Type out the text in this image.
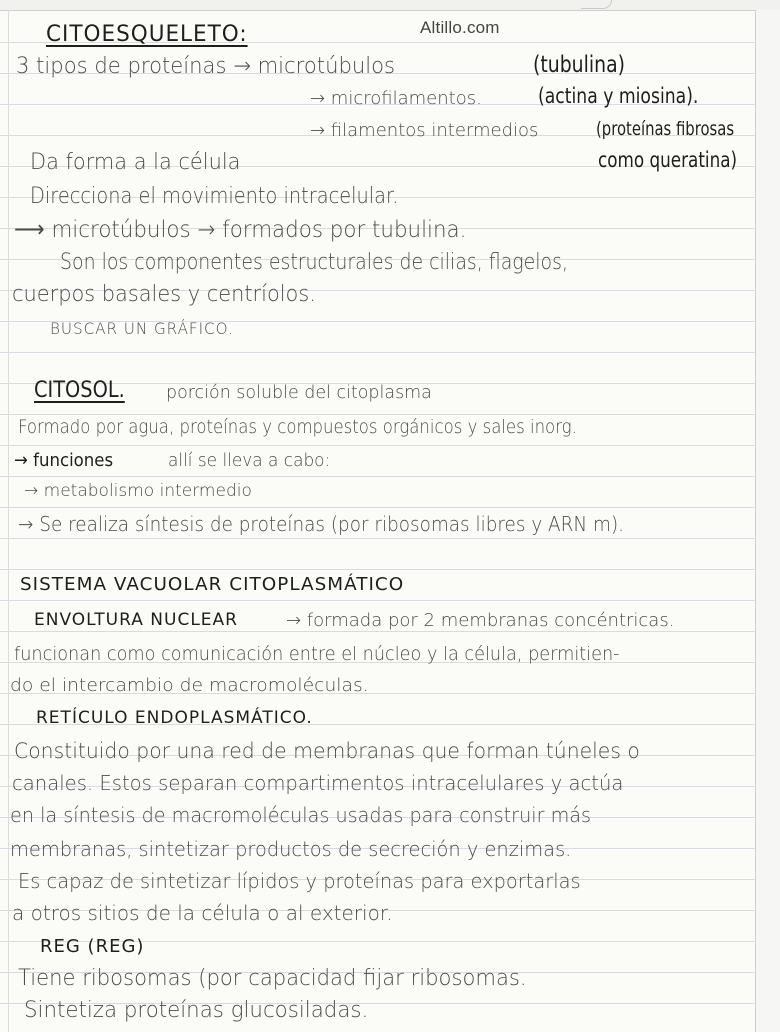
Altillo.com
CITOESQUELETO:
3 tipos de proteínas → microtúbulos	(tubulina)
→ microfilamentos.	(actina y miosina).
→ filamentos intermedios	(proteínas fibrosas
como queratina)
Da forma a la célula
Direcciona el movimiento intracelular.
⟶ microtúbulos → formados por tubulina.
Son los componentes estructurales de cilias, flagelos,
cuerpos basales y centríolos.
BUSCAR UN GRÁFICO.
CITOSOL. porción soluble del citoplasma
Formado por agua, proteínas y compuestos orgánicos y sales inorg.
→ funciones	allí se lleva a cabo:
→ metabolismo intermedio
→ Se realiza síntesis de proteínas (por ribosomas libres y ARN m).
SISTEMA VACUOLAR CITOPLASMÁTICO
ENVOLTURA NUCLEAR	→ formada por 2 membranas concéntricas.
funcionan como comunicación entre el núcleo y la célula, permitien-
do el intercambio de macromoléculas.
RETÍCULO ENDOPLASMÁTICO.
Constituido por una red de membranas que forman túneles o
canales. Estos separan compartimentos intracelulares y actúa
en la síntesis de macromoléculas usadas para construir más
membranas, sintetizar productos de secreción y enzimas.
Es capaz de sintetizar lípidos y proteínas para exportarlas
a otros sitios de la célula o al exterior.
REG (REG)
Tiene ribosomas (por capacidad fijar ribosomas.
Sintetiza proteínas glucosiladas.
